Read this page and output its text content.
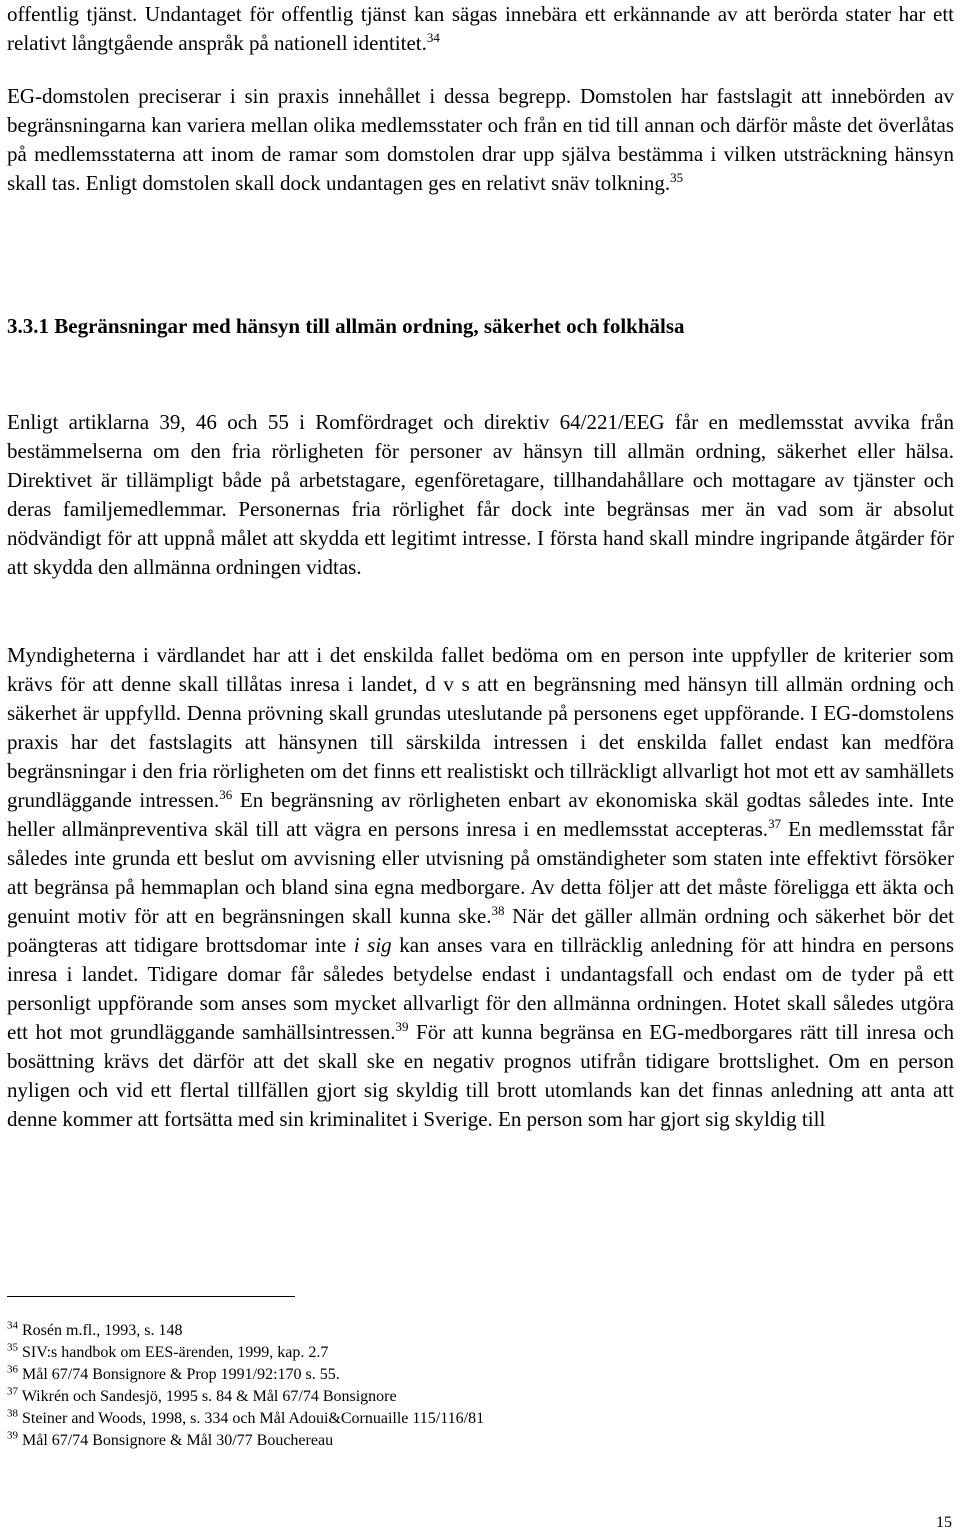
offentlig tjänst. Undantaget för offentlig tjänst kan sägas innebära ett erkännande av att berörda stater har ett relativt långtgående anspråk på nationell identitet.$^{34}$

EG-domstolen preciserar i sin praxis innehållet i dessa begrepp. Domstolen har fastslagit att innebörden av begränsningarna kan variera mellan olika medlemsstater och från en tid till annan och därför måste det överlåtas på medlemsstaterna att inom de ramar som domstolen drar upp själva bestämma i vilken utsträckning hänsyn skall tas. Enligt domstolen skall dock undantagen ges en relativt snäv tolkning.$^{35}$

3.3.1 Begränsningar med hänsyn till allmän ordning, säkerhet och folkhälsa

Enligt artiklarna 39, 46 och 55 i Romfördraget och direktiv 64/221/EEG får en medlemsstat avvika från bestämmelserna om den fria rörligheten för personer av hänsyn till allmän ordning, säkerhet eller hälsa. Direktivet är tillämpligt både på arbetstagare, egenföretagare, tillhandahållare och mottagare av tjänster och deras familjemedlemmar. Personernas fria rörlighet får dock inte begränsas mer än vad som är absolut nödvändigt för att uppnå målet att skydda ett legitimt intresse. I första hand skall mindre ingripande åtgärder för att skydda den allmänna ordningen vidtas.

Myndigheterna i värdlandet har att i det enskilda fallet bedöma om en person inte uppfyller de kriterier som krävs för att denne skall tillåtas inresa i landet, d v s att en begränsning med hänsyn till allmän ordning och säkerhet är uppfylld. Denna prövning skall grundas uteslutande på personens eget uppförande. I EG-domstolens praxis har det fastslagits att hänsynen till särskilda intressen i det enskilda fallet endast kan medföra begränsningar i den fria rörligheten om det finns ett realistiskt och tillräckligt allvarligt hot mot ett av samhällets grundläggande intressen.$^{36}$ En begränsning av rörligheten enbart av ekonomiska skäl godtas således inte. Inte heller allmänpreventiva skäl till att vägra en persons inresa i en medlemsstat accepteras.$^{37}$ En medlemsstat får således inte grunda ett beslut om avvisning eller utvisning på omständigheter som staten inte effektivt försöker att begränsa på hemmaplan och bland sina egna medborgare. Av detta följer att det måste föreligga ett äkta och genuint motiv för att en begränsningen skall kunna ske.$^{38}$ När det gäller allmän ordning och säkerhet bör det poängteras att tidigare brottsdomar inte i sig kan anses vara en tillräcklig anledning för att hindra en persons inresa i landet. Tidigare domar får således betydelse endast i undantagsfall och endast om de tyder på ett personligt uppförande som anses som mycket allvarligt för den allmänna ordningen. Hotet skall således utgöra ett hot mot grundläggande samhällsintressen.$^{39}$ För att kunna begränsa en EG-medborgares rätt till inresa och bosättning krävs det därför att det skall ske en negativ prognos utifrån tidigare brottslighet. Om en person nyligen och vid ett flertal tillfällen gjort sig skyldig till brott utomlands kan det finnas anledning att anta att denne kommer att fortsätta med sin kriminalitet i Sverige. En person som har gjort sig skyldig till

$^{34}$ Rosén m.fl., 1993, s. 148

$^{35}$ SIV:s handbok om EES-ärenden, 1999, kap. 2.7

$^{36}$ Mål 67/74 Bonsignore & Prop 1991/92:170 s. 55.

$^{37}$ Wikrén och Sandesjö, 1995 s. 84 & Mål 67/74 Bonsignore

$^{38}$ Steiner and Woods, 1998, s. 334 och Mål Adoui&Cornuaille 115/116/81

$^{39}$ Mål 67/74 Bonsignore & Mål 30/77 Bouchereau

15
